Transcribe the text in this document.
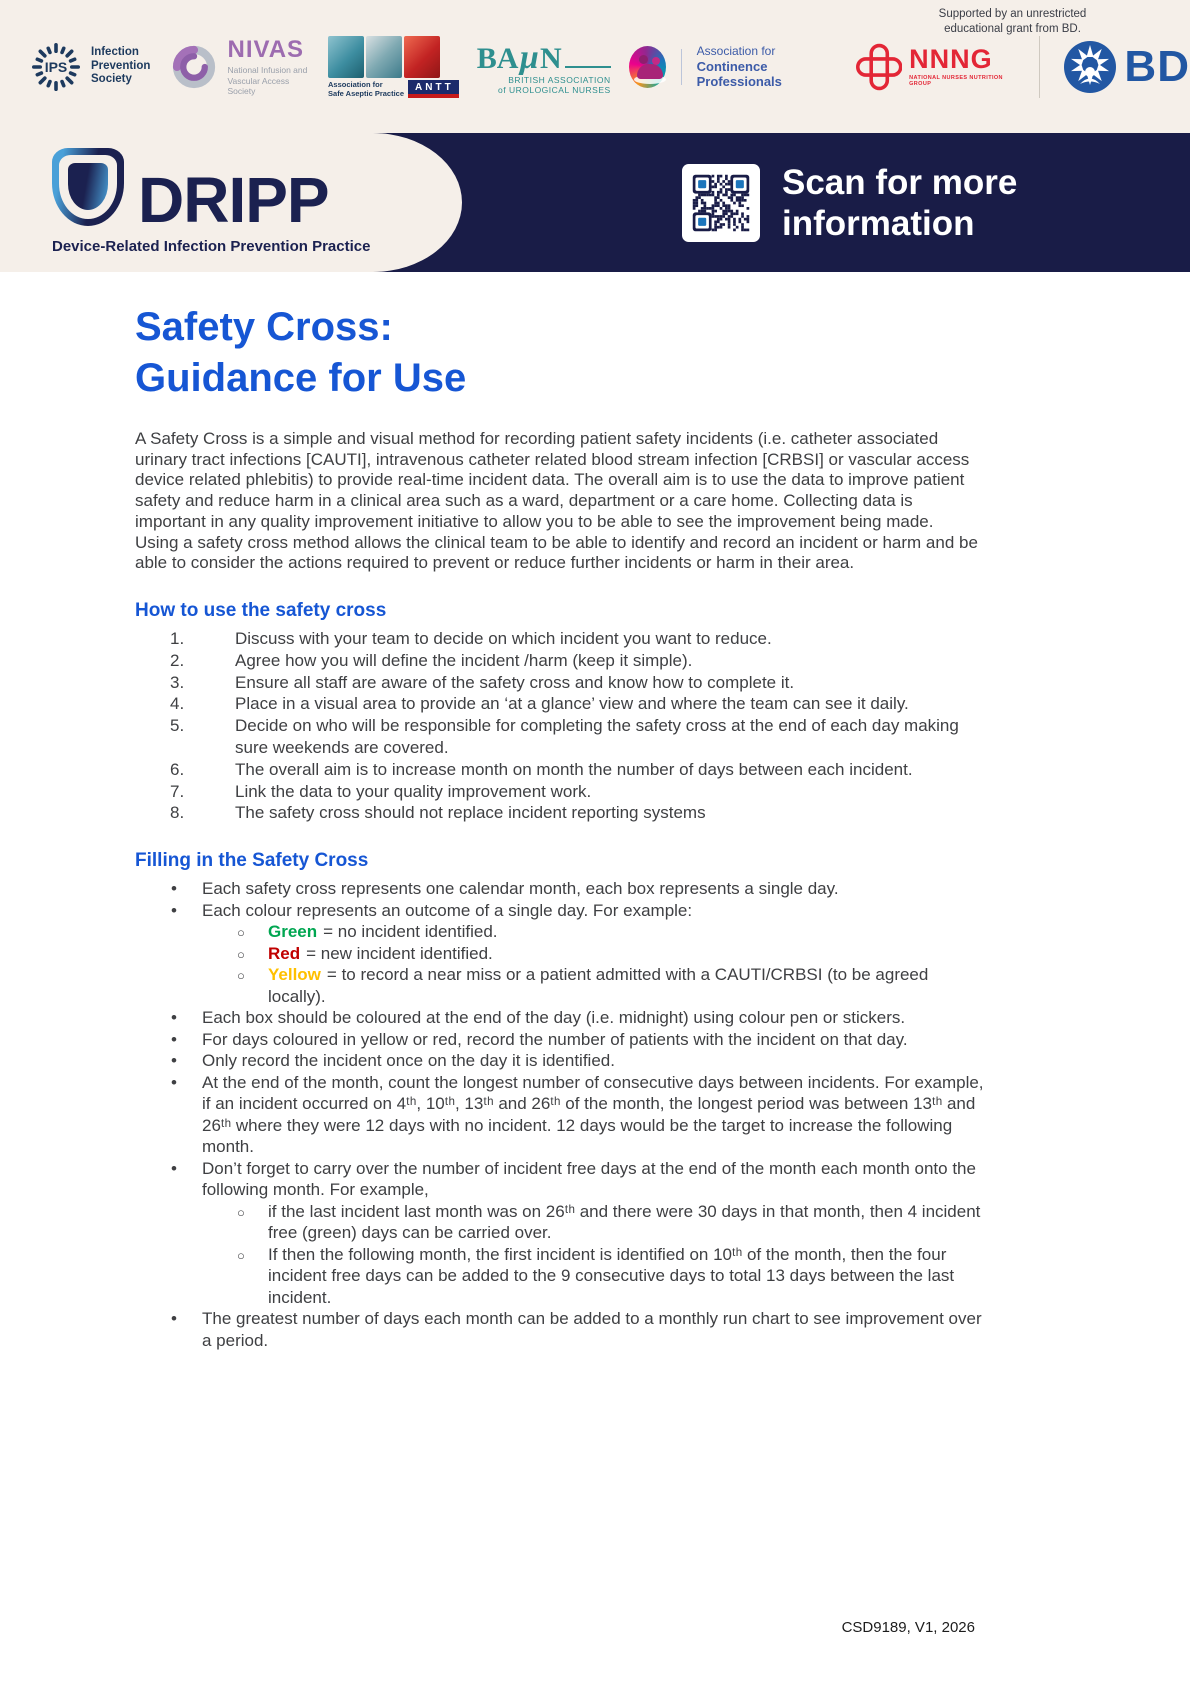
Supported by an unrestricted educational grant from BD.
IPS
Infection
Prevention
Society
NIVAS
National Infusion and
Vascular Access Society
Association for
Safe Aseptic Practice
ANTT
BA µ N
BRITISH ASSOCIATION
of UROLOGICAL NURSES
Association for
Continence Professionals
NNNG
NATIONAL NURSES NUTRITION GROUP	BD
DRIPP
Device-Related Infection Prevention Practice
Scan for more
information
Safety Cross:
Guidance for Use

A Safety Cross is a simple and visual method for recording patient safety incidents (i.e. catheter associated urinary tract infections [CAUTI], intravenous catheter related blood stream infection [CRBSI] or vascular access device related phlebitis) to provide real-time incident data. The overall aim is to use the data to improve patient safety and reduce harm in a clinical area such as a ward, department or a care home. Collecting data is important in any quality improvement initiative to allow you to be able to see the improvement being made. Using a safety cross method allows the clinical team to be able to identify and record an incident or harm and be able to consider the actions required to prevent or reduce further incidents or harm in their area.

How to use the safety cross
1.	Discuss with your team to decide on which incident you want to reduce.
2.	Agree how you will define the incident /harm (keep it simple).
3.	Ensure all staff are aware of the safety cross and know how to complete it.
4.	Place in a visual area to provide an ‘at a glance’ view and where the team can see it daily.
5.	Decide on who will be responsible for completing the safety cross at the end of each day making sure weekends are covered.
6.	The overall aim is to increase month on month the number of days between each incident.
7.	Link the data to your quality improvement work.
8.	The safety cross should not replace incident reporting systems
Filling in the Safety Cross
• Each safety cross represents one calendar month, each box represents a single day.
• Each colour represents an outcome of a single day. For example:
○ Green = no incident identified.
○ Red = new incident identified.
○ Yellow = to record a near miss or a patient admitted with a CAUTI/CRBSI (to be agreed locally).
• Each box should be coloured at the end of the day (i.e. midnight) using colour pen or stickers.
• For days coloured in yellow or red, record the number of patients with the incident on that day.
• Only record the incident once on the day it is identified.
• At the end of the month, count the longest number of consecutive days between incidents. For example, if an incident occurred on 4ᵗʰ, 10ᵗʰ, 13ᵗʰ and 26ᵗʰ of the month, the longest period was between 13ᵗʰ and 26ᵗʰ where they were 12 days with no incident. 12 days would be the target to increase the following month.
• Don’t forget to carry over the number of incident free days at the end of the month each month onto the following month. For example,
○ if the last incident last month was on 26ᵗʰ and there were 30 days in that month, then 4 incident free (green) days can be carried over.
○ If then the following month, the first incident is identified on 10ᵗʰ of the month, then the four incident free days can be added to the 9 consecutive days to total 13 days between the last incident.
• The greatest number of days each month can be added to a monthly run chart to see improvement over a period.
CSD9189, V1, 2026
